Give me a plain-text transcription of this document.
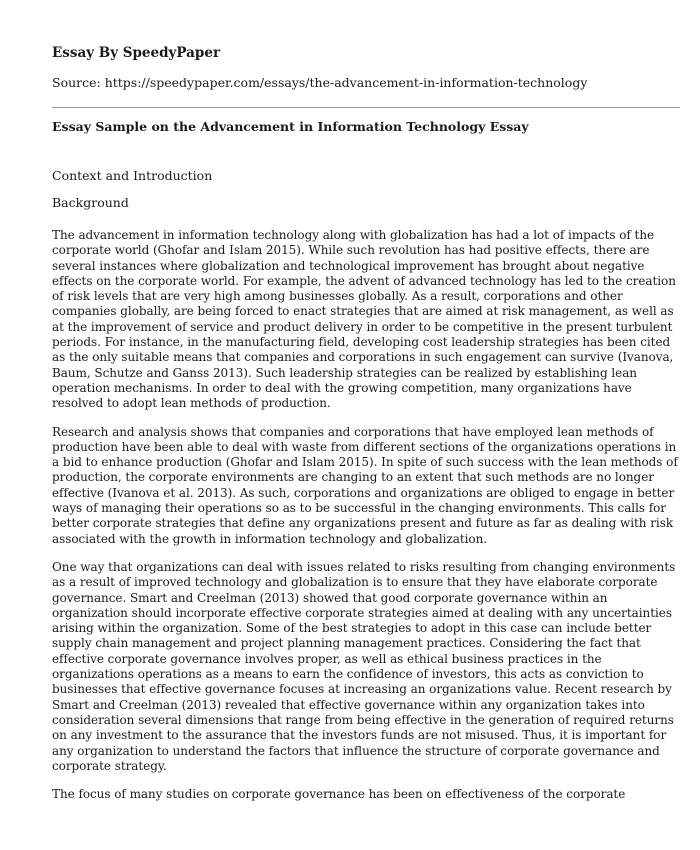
Essay By SpeedyPaper
Source: https://speedypaper.com/essays/the-advancement-in-information-technology
Essay Sample on the Advancement in Information Technology Essay
Context and Introduction
Background

The advancement in information technology along with globalization has had a lot of impacts of the corporate world (Ghofar and Islam 2015). While such revolution has had positive effects, there are several instances where globalization and technological improvement has brought about negative effects on the corporate world. For example, the advent of advanced technology has led to the creation of risk levels that are very high among businesses globally. As a result, corporations and other companies globally, are being forced to enact strategies that are aimed at risk management, as well as at the improvement of service and product delivery in order to be competitive in the present turbulent periods. For instance, in the manufacturing field, developing cost leadership strategies has been cited as the only suitable means that companies and corporations in such engagement can survive (Ivanova, Baum, Schutze and Ganss 2013). Such leadership strategies can be realized by establishing lean operation mechanisms. In order to deal with the growing competition, many organizations have resolved to adopt lean methods of production.

Research and analysis shows that companies and corporations that have employed lean methods of production have been able to deal with waste from different sections of the organizations operations in a bid to enhance production (Ghofar and Islam 2015). In spite of such success with the lean methods of production, the corporate environments are changing to an extent that such methods are no longer effective (Ivanova et al. 2013). As such, corporations and organizations are obliged to engage in better ways of managing their operations so as to be successful in the changing environments. This calls for better corporate strategies that define any organizations present and future as far as dealing with risk associated with the growth in information technology and globalization.

One way that organizations can deal with issues related to risks resulting from changing environments as a result of improved technology and globalization is to ensure that they have elaborate corporate governance. Smart and Creelman (2013) showed that good corporate governance within an organization should incorporate effective corporate strategies aimed at dealing with any uncertainties arising within the organization. Some of the best strategies to adopt in this case can include better supply chain management and project planning management practices. Considering the fact that effective corporate governance involves proper, as well as ethical business practices in the organizations operations as a means to earn the confidence of investors, this acts as conviction to businesses that effective governance focuses at increasing an organizations value. Recent research by Smart and Creelman (2013) revealed that effective governance within any organization takes into consideration several dimensions that range from being effective in the generation of required returns on any investment to the assurance that the investors funds are not misused. Thus, it is important for any organization to understand the factors that influence the structure of corporate governance and corporate strategy.

The focus of many studies on corporate governance has been on effectiveness of the corporate
